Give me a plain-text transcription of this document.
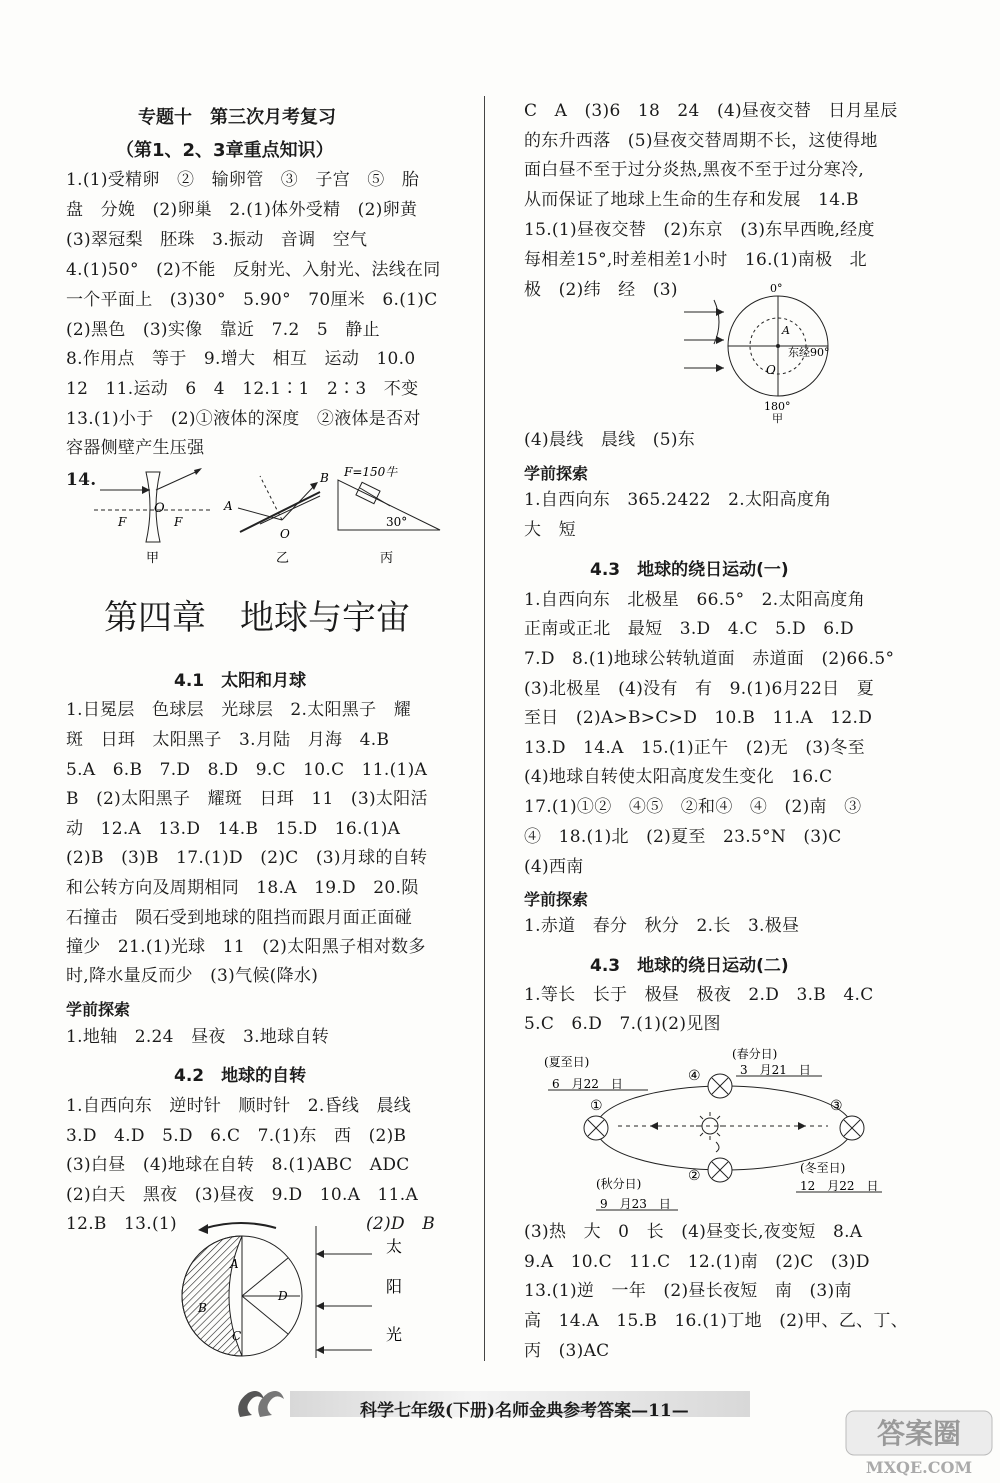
专题十　第三次月考复习
（第1、2、3章重点知识）
1.(1)受精卵　②　输卵管　③　子宫　⑤　胎
盘　分娩　(2)卵巢　2.(1)体外受精　(2)卵黄
(3)翠冠梨　胚珠　3.振动　音调　空气
4.(1)50°　(2)不能　反射光、入射光、法线在同
一个平面上　(3)30°　5.90°　70厘米　6.(1)C
(2)黑色　(3)实像　靠近　7.2　5　静止
8.作用点　等于　9.增大　相互　运动　10.0
12　11.运动　6　4　12.1∶1　2∶3　不变
13.(1)小于　(2)①液体的深度　②液体是否对
容器侧壁产生压强
14.
O
F	F
甲
A
B
O
乙
F=150牛
30°
丙
第四章　地球与宇宙
4.1　太阳和月球
1.日冕层　色球层　光球层　2.太阳黑子　耀
斑　日珥　太阳黑子　3.月陆　月海　4.B
5.A　6.B　7.D　8.D　9.C　10.C　11.(1)A
B　(2)太阳黑子　耀斑　日珥　11　(3)太阳活
动　12.A　13.D　14.B　15.D　16.(1)A
(2)B　(3)B　17.(1)D　(2)C　(3)月球的自转
和公转方向及周期相同　18.A　19.D　20.陨
石撞击　陨石受到地球的阻挡而跟月面正面碰
撞少　21.(1)光球　11　(2)太阳黑子相对数多
时,降水量反而少　(3)气候(降水)
学前探索
1.地轴　2.24　昼夜　3.地球自转
4.2　地球的自转
1.自西向东　逆时针　顺时针　2.昏线　晨线
3.D　4.D　5.D　6.C　7.(1)东　西　(2)B
(3)白昼　(4)地球在自转　8.(1)ABC　ADC
(2)白天　黑夜　(3)昼夜　9.D　10.A　11.A
12.B　13.(1)	(2)D　B
A
B
C
D
太
阳
光
C　A　(3)6　18　24　(4)昼夜交替　日月星辰
的东升西落　(5)昼夜交替周期不长，这使得地
面白昼不至于过分炎热,黑夜不至于过分寒冷,
从而保证了地球上生命的生存和发展　14.B
15.(1)昼夜交替　(2)东京　(3)东早西晚,经度
每相差15°,时差相差1小时　16.(1)南极　北
极　(2)纬　经　(3)	0°
A
O
东经90°
180°
甲
(4)晨线　晨线　(5)东
学前探索
1.自西向东　365.2422　2.太阳高度角
大　短
4.3　地球的绕日运动(一)
1.自西向东　北极星　66.5°　2.太阳高度角
正南或正北　最短　3.D　4.C　5.D　6.D
7.D　8.(1)地球公转轨道面　赤道面　(2)66.5°
(3)北极星　(4)没有　有　9.(1)6月22日　夏
至日　(2)A>B>C>D　10.B　11.A　12.D
13.D　14.A　15.(1)正午　(2)无　(3)冬至
(4)地球自转使太阳高度发生变化　16.C
17.(1)①②　④⑤　②和④　④　(2)南　③
④　18.(1)北　(2)夏至　23.5°N　(3)C
(4)西南
学前探索
1.赤道　春分　秋分　2.长　3.极昼
4.3　地球的绕日运动(二)
1.等长　长于　极昼　极夜　2.D　3.B　4.C
5.C　6.D　7.(1)(2)见图
①
④
③
②
(夏至日)
6　月22　日
(春分日)
3　月21　日
(秋分日)
9　月23　日
(冬至日)
12　月22　日
(3)热　大　0　长　(4)昼变长,夜变短　8.A
9.A　10.C　11.C　12.(1)南　(2)C　(3)D
13.(1)逆　一年　(2)昼长夜短　南　(3)南
高　14.A　15.B　16.(1)丁地　(2)甲、乙、丁、
丙　(3)AC
科学七年级(下册)名师金典参考答案—11—
答案圈
MXQE.COM
